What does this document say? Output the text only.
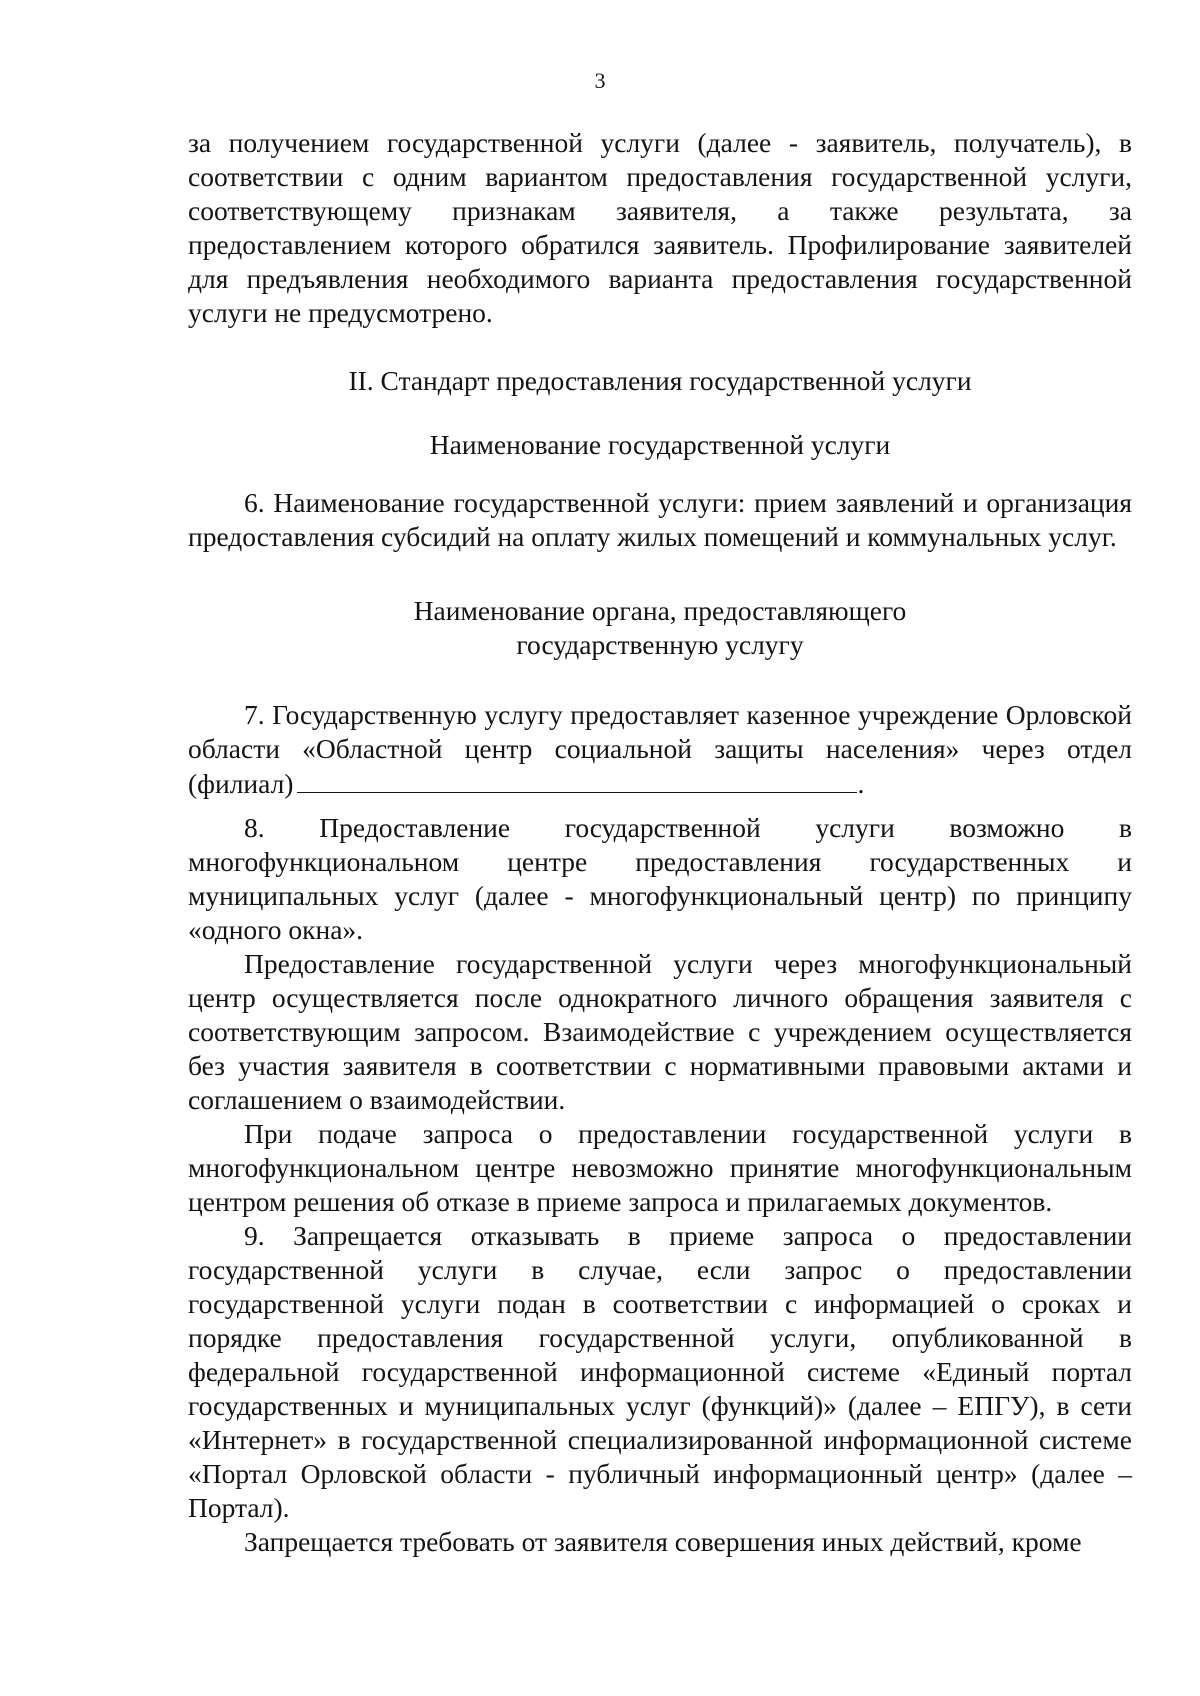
3

за получением государственной услуги (далее - заявитель, получатель), в соответствии с одним вариантом предоставления государственной услуги, соответствующему признакам заявителя, а также результата, за предоставлением которого обратился заявитель. Профилирование заявителей для предъявления необходимого варианта предоставления государственной услуги не предусмотрено.

II. Стандарт предоставления государственной услуги

Наименование государственной услуги

6. Наименование государственной услуги: прием заявлений и организация предоставления субсидий на оплату жилых помещений и коммунальных услуг.

Наименование органа, предоставляющего

государственную услугу

7. Государственную услугу предоставляет казенное учреждение Орловской области «Областной центр социальной защиты населения» через отдел (филиал)	.

8. Предоставление государственной услуги возможно в многофункциональном центре предоставления государственных и муниципальных услуг (далее - многофункциональный центр) по принципу «одного окна».

Предоставление государственной услуги через многофункциональный центр осуществляется после однократного личного обращения заявителя с соответствующим запросом. Взаимодействие с учреждением осуществляется без участия заявителя в соответствии с нормативными правовыми актами и соглашением о взаимодействии.

При подаче запроса о предоставлении государственной услуги в многофункциональном центре невозможно принятие многофункциональным центром решения об отказе в приеме запроса и прилагаемых документов.

9. Запрещается отказывать в приеме запроса о предоставлении государственной услуги в случае, если запрос о предоставлении государственной услуги подан в соответствии с информацией о сроках и порядке предоставления государственной услуги, опубликованной в федеральной государственной информационной системе «Единый портал государственных и муниципальных услуг (функций)» (далее – ЕПГУ), в сети «Интернет» в государственной специализированной информационной системе «Портал Орловской области - публичный информационный центр» (далее – Портал).

Запрещается требовать от заявителя совершения иных действий, кроме
